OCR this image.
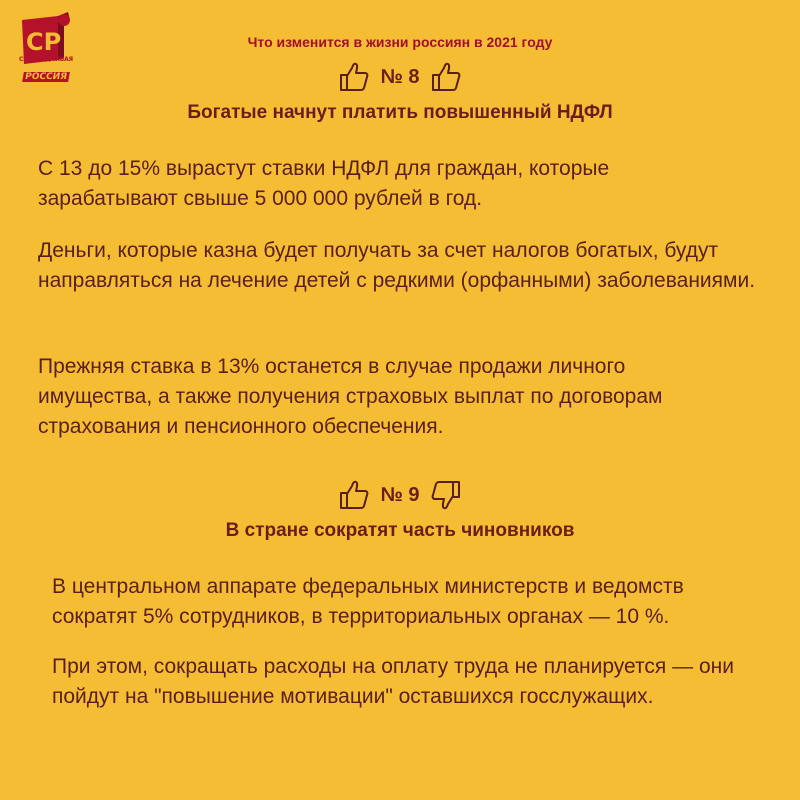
СР
СПРАВЕДЛИВАЯ
РОССИЯ
Что изменится в жизни россиян в 2021 году
№ 8
Богатые начнут платить повышенный НДФЛ

С 13 до 15% вырастут ставки НДФЛ для граждан, которые зарабатывают свыше 5 000 000 рублей в год.

Деньги, которые казна будет получать за счет налогов богатых, будут направляться на лечение детей с редкими (орфанными) заболеваниями.

Прежняя ставка в 13% останется в случае продажи личного имущества, а также получения страховых выплат по договорам страхования и пенсионного обеспечения.

№ 9
В стране сократят часть чиновников

В центральном аппарате федеральных министерств и ведомств сократят 5% сотрудников, в территориальных органах — 10 %.

При этом, сокращать расходы на оплату труда не планируется — они пойдут на "повышение мотивации" оставшихся госслужащих.
